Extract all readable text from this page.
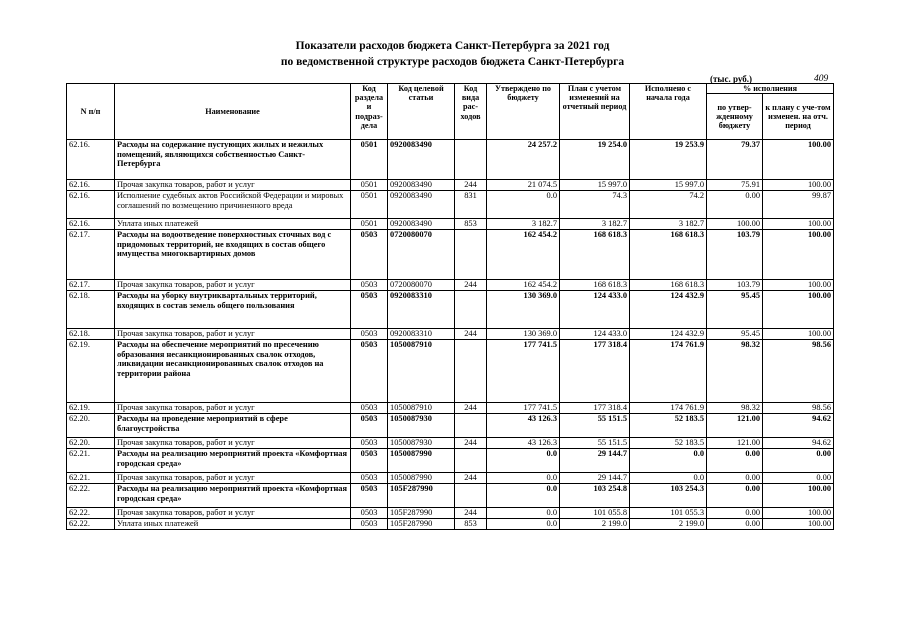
Показатели расходов бюджета Санкт-Петербурга за 2021 год
по ведомственной структуре расходов бюджета Санкт-Петербурга
(тыс. руб.)	409
N п/п	Наименование	Код раздела и подраз-дела	Код целевой статьи	Код вида рас-ходов	Утверждено по бюджету	План с учетом изменений на отчетный период	Исполнено с начала года	% исполнения	
								по утвер-жденному бюджету	к плану с уче-том изменен. на отч. период
62.16.	Расходы на содержание пустующих жилых и нежилых помещений, являющихся собственностью Санкт-Петербурга	0501	0920083490		24 257.2	19 254.0	19 253.9	79.37	100.00
62.16.	Прочая закупка товаров, работ и услуг	0501	0920083490	244	21 074.5	15 997.0	15 997.0	75.91	100.00
62.16.	Исполнение судебных актов Российской Федерации и мировых соглашений по возмещению причиненного вреда	0501	0920083490	831	0.0	74.3	74.2	0.00	99.87
62.16.	Уплата иных платежей	0501	0920083490	853	3 182.7	3 182.7	3 182.7	100.00	100.00
62.17.	Расходы на водоотведение поверхностных сточных вод с придомовых территорий, не входящих в состав общего имущества многоквартирных домов	0503	0720080070		162 454.2	168 618.3	168 618.3	103.79	100.00
62.17.	Прочая закупка товаров, работ и услуг	0503	0720080070	244	162 454.2	168 618.3	168 618.3	103.79	100.00
62.18.	Расходы на уборку внутриквартальных территорий, входящих в состав земель общего пользования	0503	0920083310		130 369.0	124 433.0	124 432.9	95.45	100.00
62.18.	Прочая закупка товаров, работ и услуг	0503	0920083310	244	130 369.0	124 433.0	124 432.9	95.45	100.00
62.19.	Расходы на обеспечение мероприятий по пресечению образования несанкционированных свалок отходов, ликвидации несанкционированных свалок отходов на территории района	0503	1050087910		177 741.5	177 318.4	174 761.9	98.32	98.56
62.19.	Прочая закупка товаров, работ и услуг	0503	1050087910	244	177 741.5	177 318.4	174 761.9	98.32	98.56
62.20.	Расходы на проведение мероприятий в сфере благоустройства	0503	1050087930		43 126.3	55 151.5	52 183.5	121.00	94.62
62.20.	Прочая закупка товаров, работ и услуг	0503	1050087930	244	43 126.3	55 151.5	52 183.5	121.00	94.62
62.21.	Расходы на реализацию мероприятий проекта «Комфортная городская среда»	0503	1050087990		0.0	29 144.7	0.0	0.00	0.00
62.21.	Прочая закупка товаров, работ и услуг	0503	1050087990	244	0.0	29 144.7	0.0	0.00	0.00
62.22.	Расходы на реализацию мероприятий проекта «Комфортная городская среда»	0503	105F287990		0.0	103 254.8	103 254.3	0.00	100.00
62.22.	Прочая закупка товаров, работ и услуг	0503	105F287990	244	0.0	101 055.8	101 055.3	0.00	100.00
62.22.	Уплата иных платежей	0503	105F287990	853	0.0	2 199.0	2 199.0	0.00	100.00
